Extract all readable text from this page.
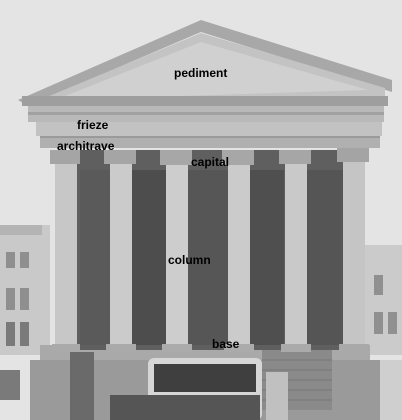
pediment
frieze
architrave
capital
column
base
